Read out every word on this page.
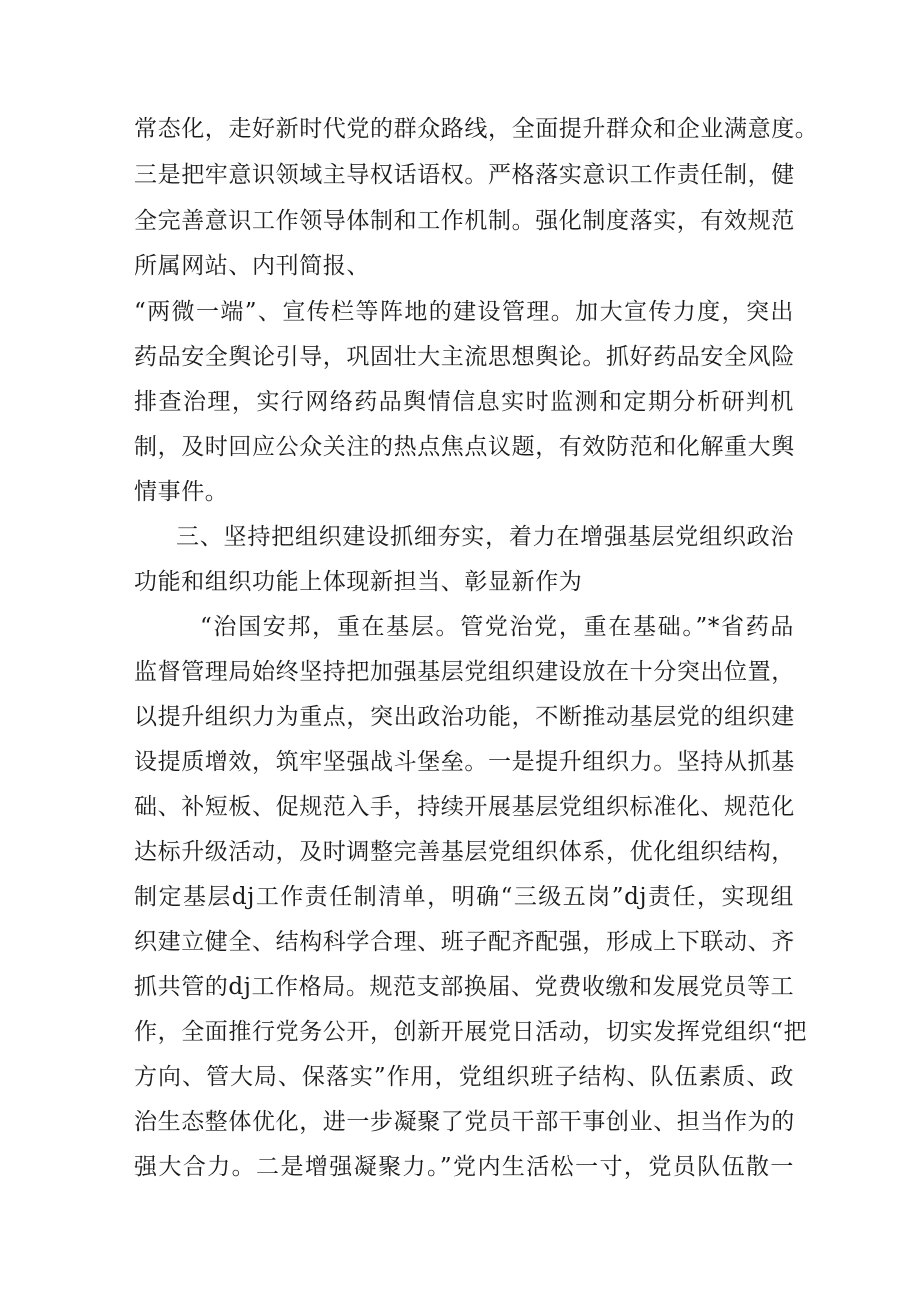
常态化，走好新时代党的群众路线，全面提升群众和企业满意度。
三是把牢意识领域主导权话语权。严格落实意识工作责任制，健
全完善意识工作领导体制和工作机制。强化制度落实，有效规范
所属网站、内刊简报、
“两微一端”、宣传栏等阵地的建设管理。加大宣传力度，突出
药品安全舆论引导，巩固壮大主流思想舆论。抓好药品安全风险
排查治理，实行网络药品舆情信息实时监测和定期分析研判机
制，及时回应公众关注的热点焦点议题，有效防范和化解重大舆
情事件。
三、坚持把组织建设抓细夯实，着力在增强基层党组织政治
功能和组织功能上体现新担当、彰显新作为
“治国安邦，重在基层。管党治党，重在基础。”*省药品
监督管理局始终坚持把加强基层党组织建设放在十分突出位置，
以提升组织力为重点，突出政治功能，不断推动基层党的组织建
设提质增效，筑牢坚强战斗堡垒。一是提升组织力。坚持从抓基
础、补短板、促规范入手，持续开展基层党组织标准化、规范化
达标升级活动，及时调整完善基层党组织体系，优化组织结构，
制定基层dj工作责任制清单，明确“三级五岗”dj责任，实现组
织建立健全、结构科学合理、班子配齐配强，形成上下联动、齐
抓共管的dj工作格局。规范支部换届、党费收缴和发展党员等工
作，全面推行党务公开，创新开展党日活动，切实发挥党组织“把
方向、管大局、保落实”作用，党组织班子结构、队伍素质、政
治生态整体优化，进一步凝聚了党员干部干事创业、担当作为的
强大合力。二是增强凝聚力。”党内生活松一寸，党员队伍散一
